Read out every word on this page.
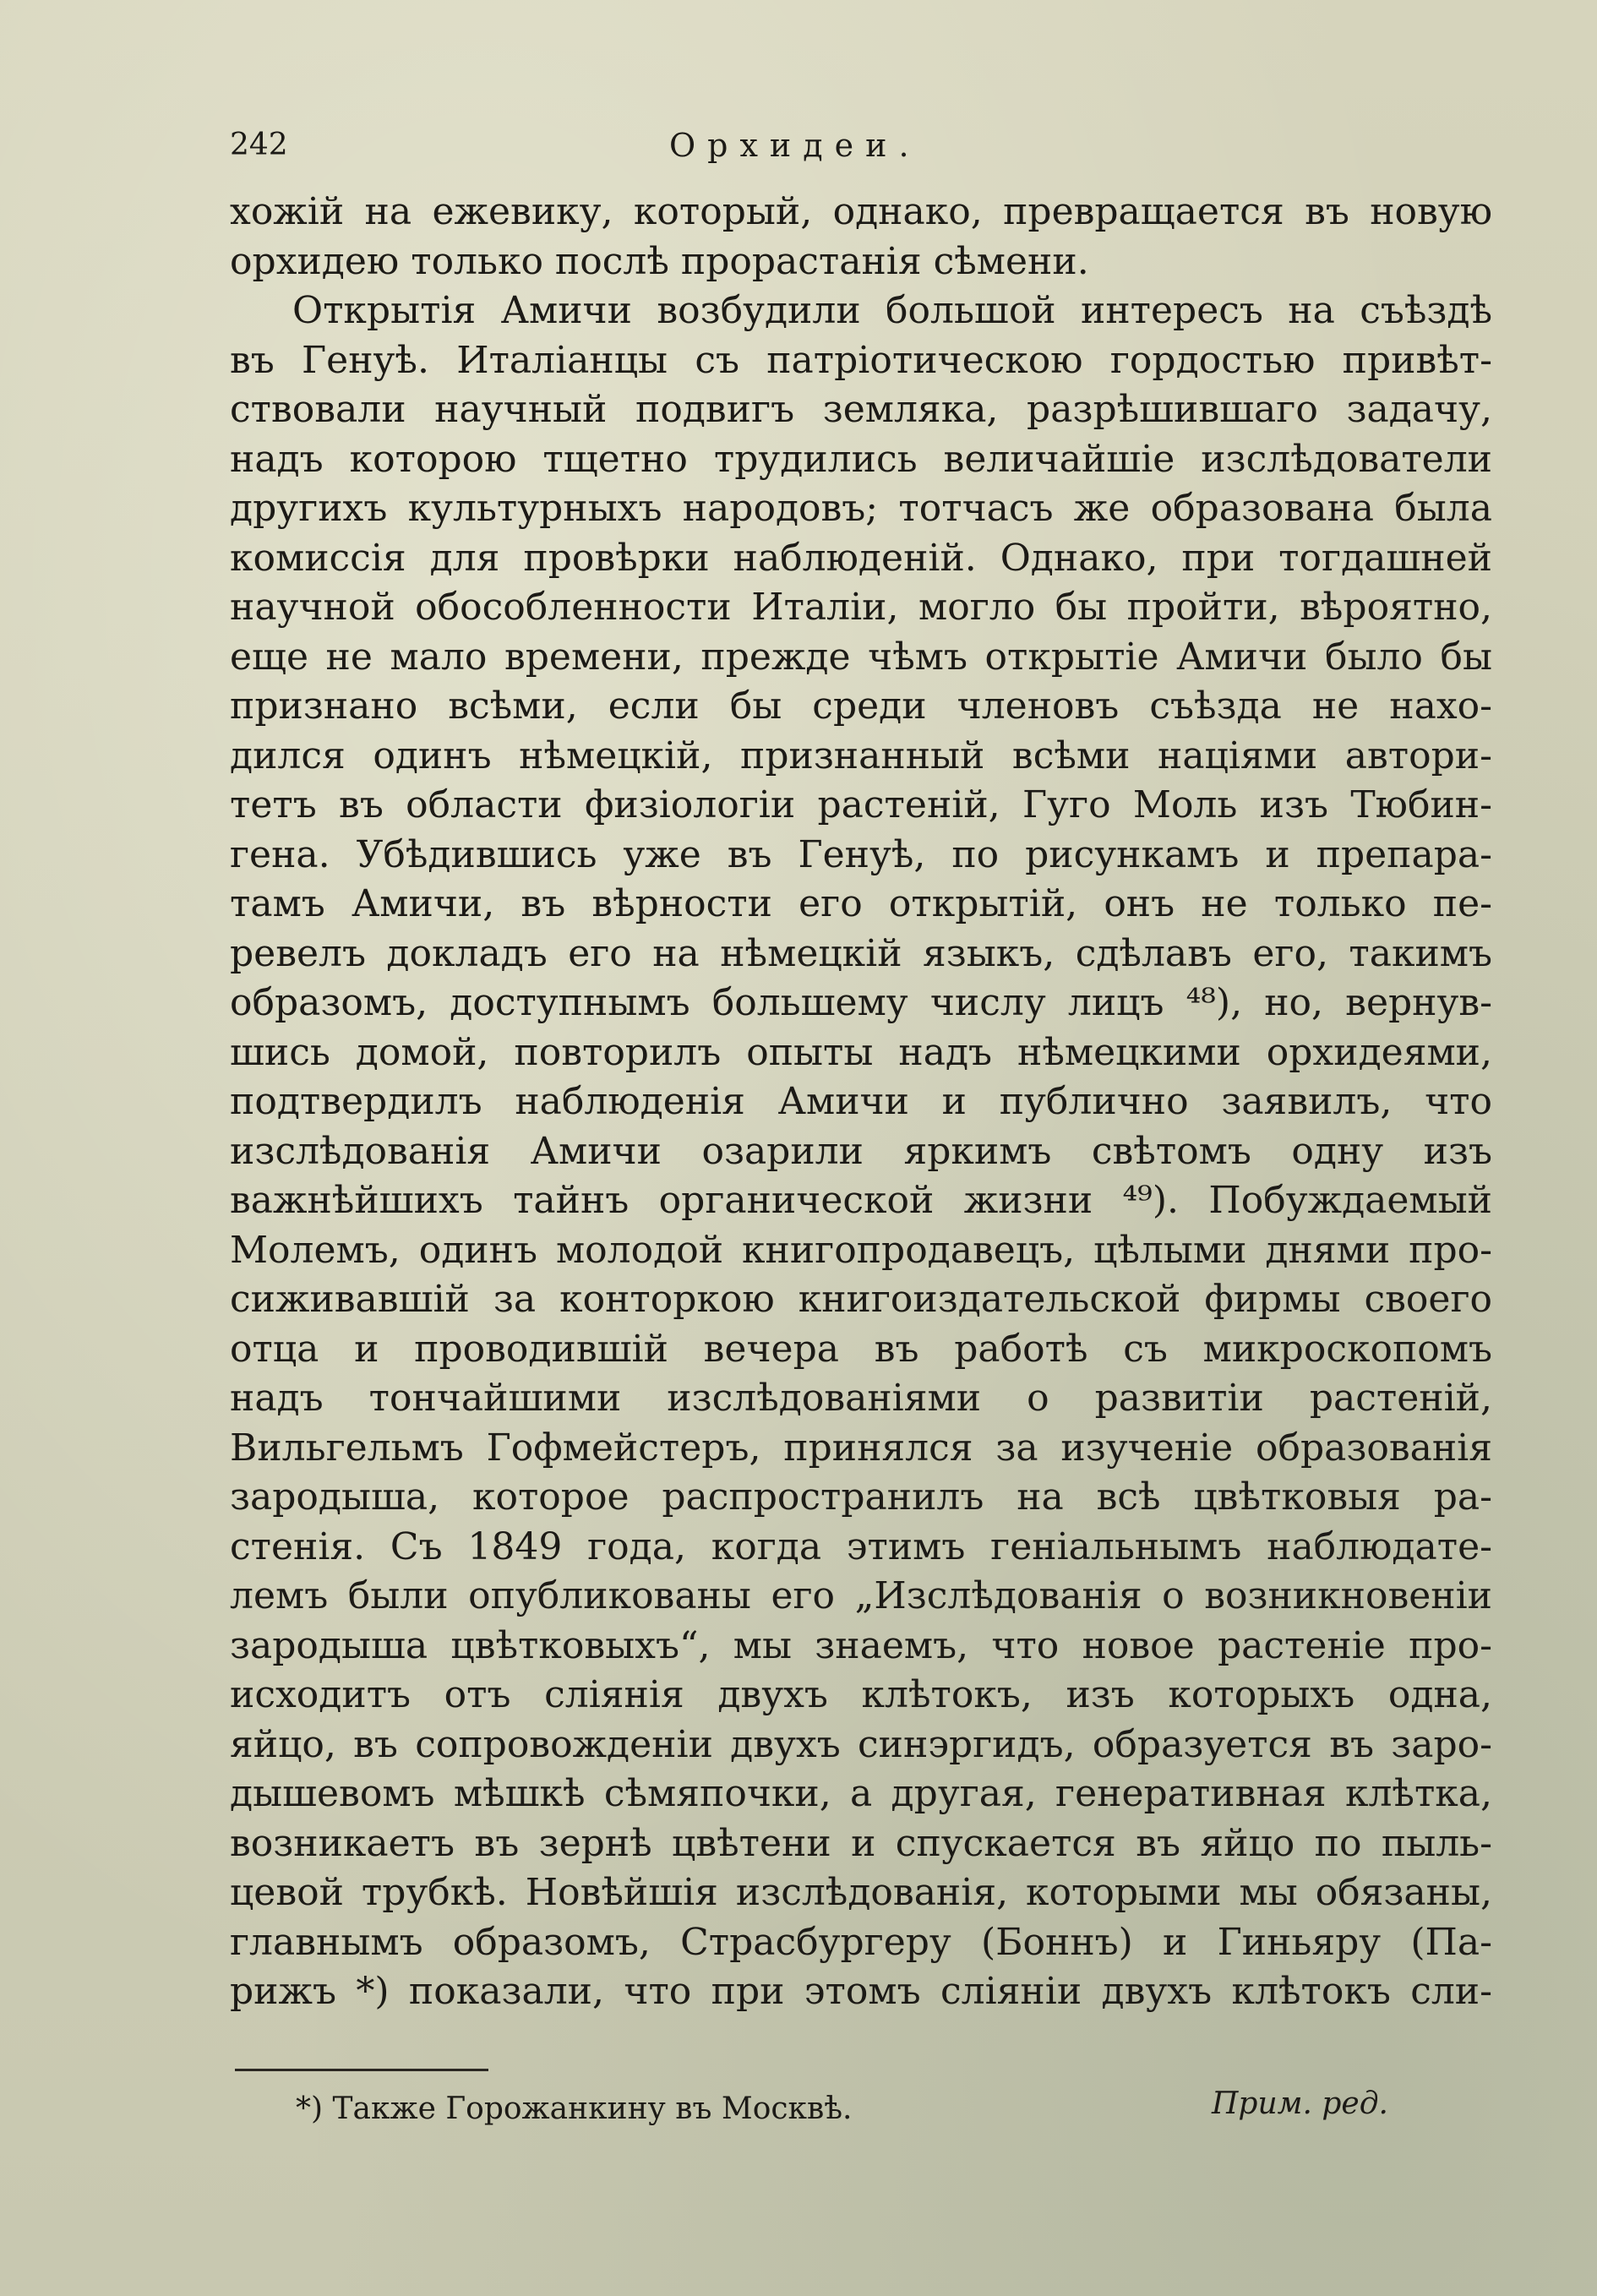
242	Орхидеи.
хожій на ежевику, который, однако, превращается въ новую
орхидею только послѣ прорастанія сѣмени.
Открытія Амичи возбудили большой интересъ на съѣздѣ
въ Генуѣ. Италіанцы съ патріотическою гордостью привѣт-
ствовали научный подвигъ земляка, разрѣшившаго задачу,
надъ которою тщетно трудились величайшіе изслѣдователи
другихъ культурныхъ народовъ; тотчасъ же образована была
комиссія для провѣрки наблюденій. Однако, при тогдашней
научной обособленности Италіи, могло бы пройти, вѣроятно,
еще не мало времени, прежде чѣмъ открытіе Амичи было бы
признано всѣми, если бы среди членовъ съѣзда не нахо-
дился одинъ нѣмецкій, признанный всѣми націями автори-
тетъ въ области физіологіи растеній, Гуго Моль изъ Тюбин-
гена. Убѣдившись уже въ Генуѣ, по рисункамъ и препара-
тамъ Амичи, въ вѣрности его открытій, онъ не только пе-
ревелъ докладъ его на нѣмецкій языкъ, сдѣлавъ его, такимъ
образомъ, доступнымъ большему числу лицъ ⁴⁸), но, вернув-
шись домой, повторилъ опыты надъ нѣмецкими орхидеями,
подтвердилъ наблюденія Амичи и публично заявилъ, что
изслѣдованія Амичи озарили яркимъ свѣтомъ одну изъ
важнѣйшихъ тайнъ органической жизни ⁴⁹). Побуждаемый
Молемъ, одинъ молодой книгопродавецъ, цѣлыми днями про-
сиживавшій за конторкою книгоиздательской фирмы своего
отца и проводившій вечера въ работѣ съ микроскопомъ
надъ тончайшими изслѣдованіями о развитіи растеній,
Вильгельмъ Гофмейстеръ, принялся за изученіе образованія
зародыша, которое распространилъ на всѣ цвѣтковыя ра-
стенія. Съ 1849 года, когда этимъ геніальнымъ наблюдате-
лемъ были опубликованы его „Изслѣдованія о возникновеніи
зародыша цвѣтковыхъ“, мы знаемъ, что новое растеніе про-
исходитъ отъ слiянія двухъ клѣтокъ, изъ которыхъ одна,
яйцо, въ сопровожденіи двухъ синэргидъ, образуется въ заро-
дышевомъ мѣшкѣ сѣмяпочки, а другая, генеративная клѣтка,
возникаетъ въ зернѣ цвѣтени и спускается въ яйцо по пыль-
цевой трубкѣ. Новѣйшія изслѣдованія, которыми мы обязаны,
главнымъ образомъ, Страсбургеру (Боннъ) и Гиньяру (Па-
рижъ *) показали, что при этомъ сліяніи двухъ клѣтокъ сли-
*) Также Горожанкину въ Москвѣ.	Прим. ред.
